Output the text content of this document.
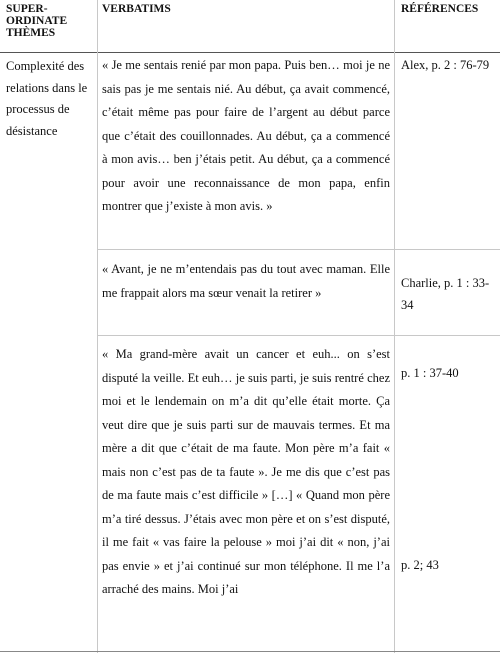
SUPER-
ORDINATE
THÈMES
VERBATIMS	RÉFÉRENCES
Complexité des relations dans le processus de désistance
« Je me sentais renié par mon papa. Puis ben… moi je ne sais pas je me sentais nié. Au début, ça avait commencé, c’était même pas pour faire de l’argent au début parce que c’était des couillonnades. Au début, ça a commencé à mon avis… ben j’étais petit. Au début, ça a commencé pour avoir une reconnaissance de mon papa, enfin montrer que j’existe à mon avis. »
Alex, p. 2 : 76-79
« Avant, je ne m’entendais pas du tout avec maman. Elle me frappait alors ma sœur venait la retirer »
Charlie, p. 1 : 33-34
« Ma grand-mère avait un cancer et euh... on s’est disputé la veille. Et euh… je suis parti, je suis rentré chez moi et le lendemain on m’a dit qu’elle était morte. Ça veut dire que je suis parti sur de mauvais termes. Et ma mère a dit que c’était de ma faute. Mon père m’a fait « mais non c’est pas de ta faute ». Je me dis que c’est pas de ma faute mais c’est difficile » […] « Quand mon père m’a tiré dessus. J’étais avec mon père et on s’est disputé, il me fait « vas faire la pelouse » moi j’ai dit « non, j’ai pas envie » et j’ai continué sur mon téléphone. Il me l’a arraché des mains. Moi j’ai
p. 1 : 37-40
p. 2; 43
